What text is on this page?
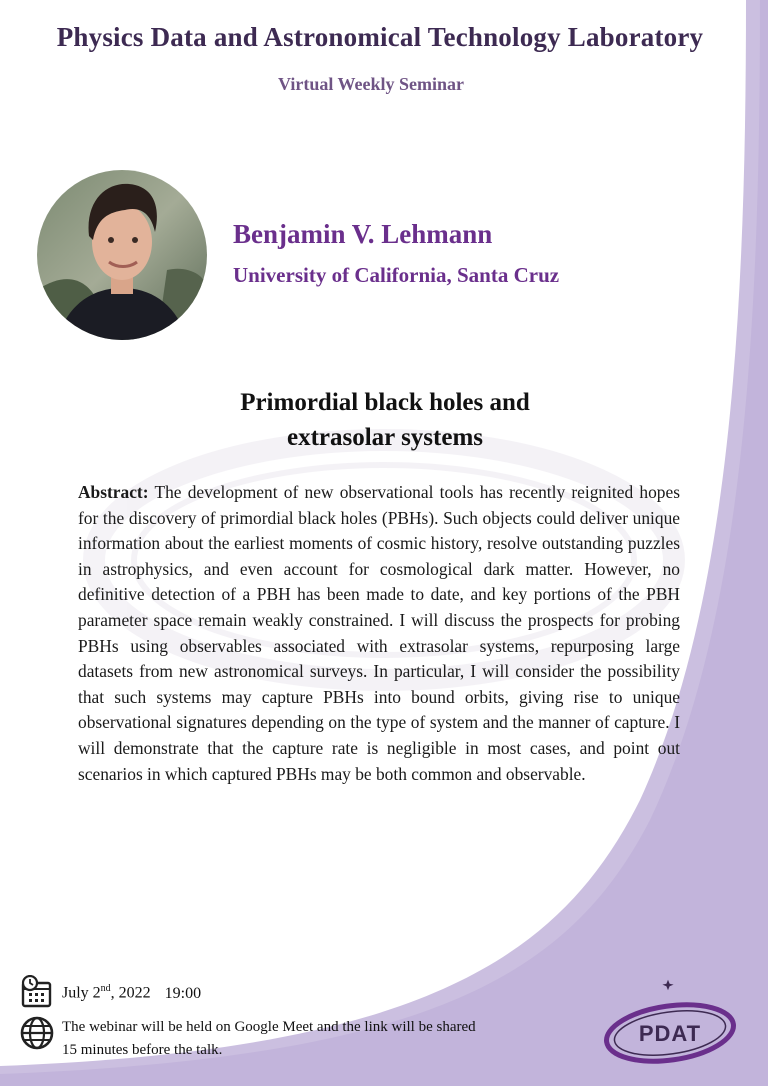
Physics Data and Astronomical Technology Laboratory
Virtual Weekly Seminar
Benjamin V. Lehmann
University of California, Santa Cruz
Primordial black holes and
extrasolar systems
Abstract: The development of new observational tools has recently reignited hopes for the discovery of primordial black holes (PBHs). Such objects could deliver unique information about the earliest moments of cosmic history, resolve outstanding puzzles in astrophysics, and even account for cosmological dark matter. However, no definitive detection of a PBH has been made to date, and key portions of the PBH parameter space remain weakly constrained. I will discuss the prospects for probing PBHs using observables associated with extrasolar systems, repurposing large datasets from new astronomical surveys. In particular, I will consider the possibility that such systems may capture PBHs into bound orbits, giving rise to unique observational signatures depending on the type of system and the manner of capture. I will demonstrate that the capture rate is negligible in most cases, and point out scenarios in which captured PBHs may be both common and observable.
July 2nd, 2022 19:00
The webinar will be held on Google Meet and the link will be shared 15 minutes before the talk.
PDAT
